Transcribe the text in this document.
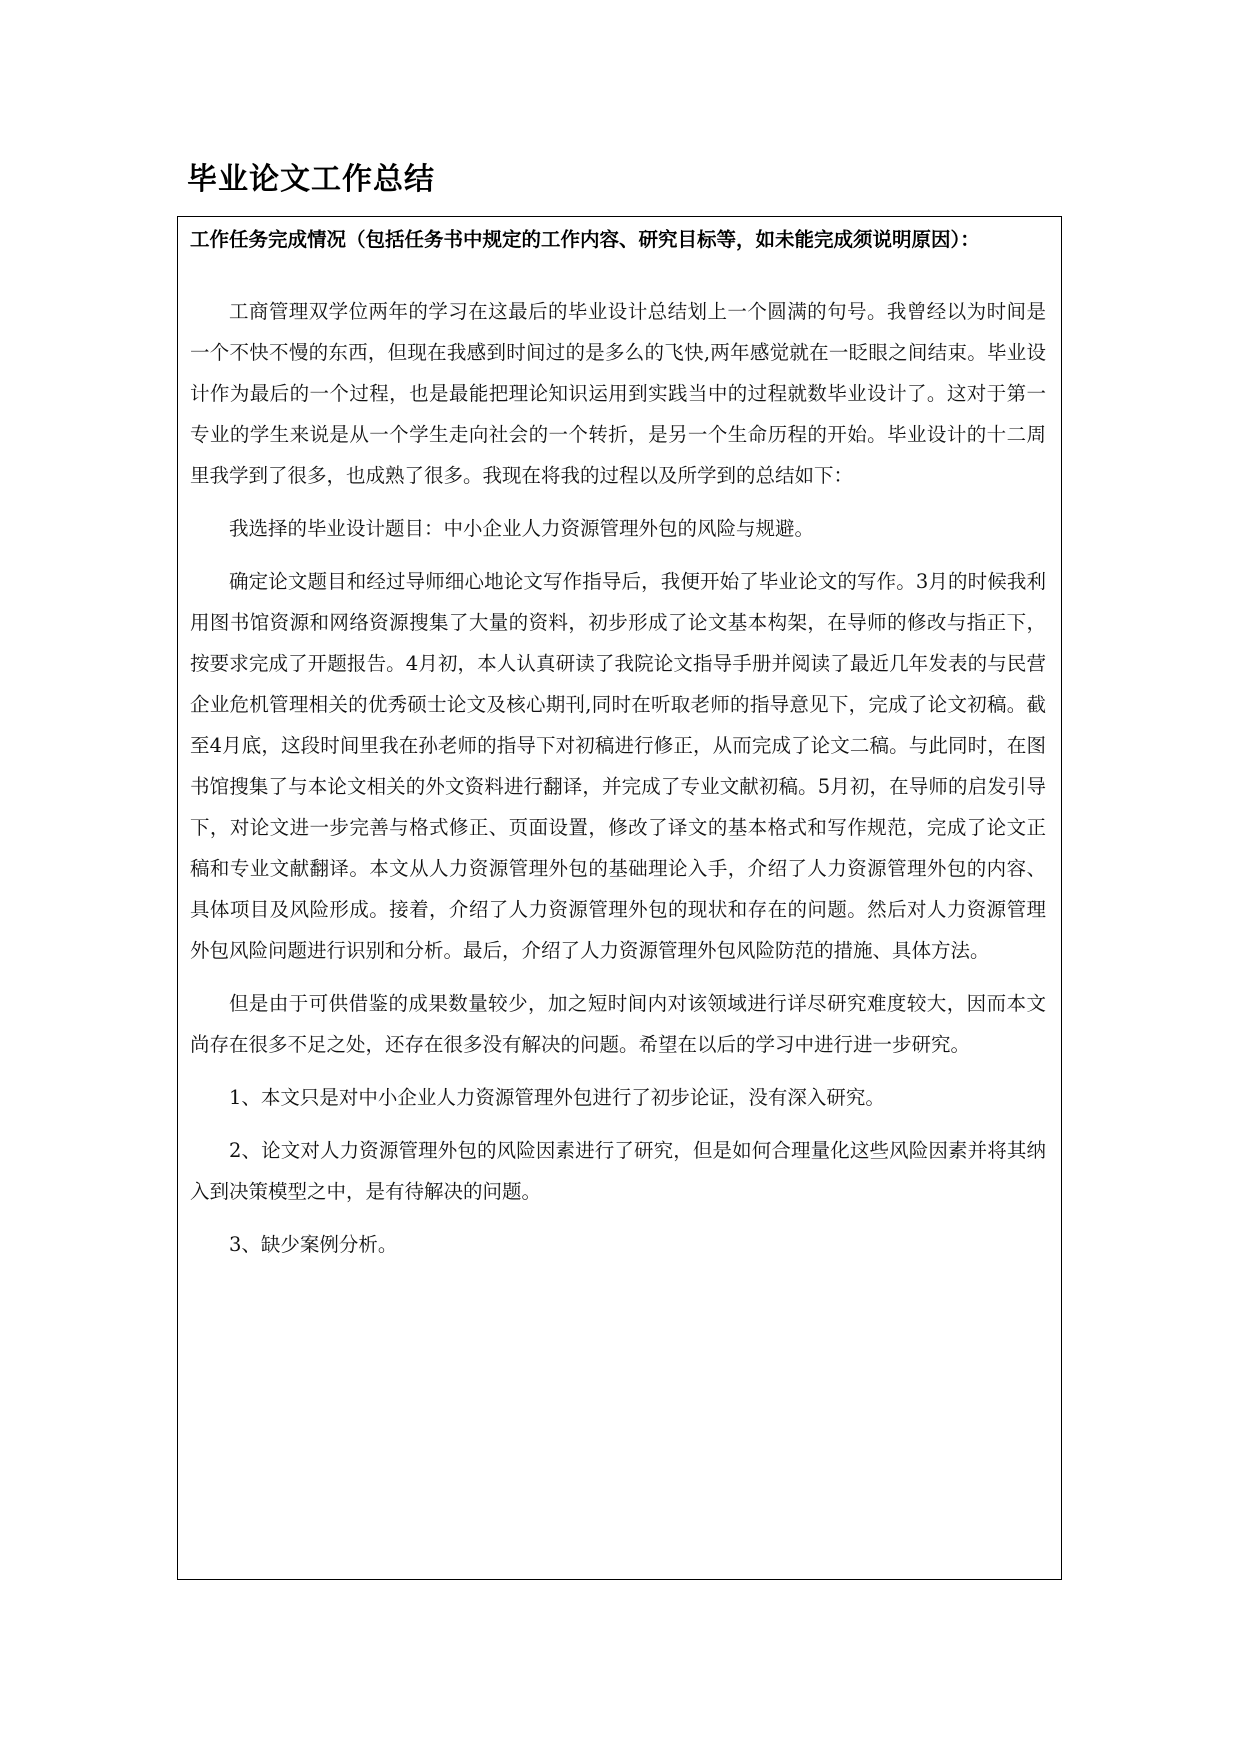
毕业论文工作总结

工作任务完成情况（包括任务书中规定的工作内容、研究目标等，如未能完成须说明原因）：

工商管理双学位两年的学习在这最后的毕业设计总结划上一个圆满的句号。我曾经以为时间是一个不快不慢的东西，但现在我感到时间过的是多么的飞快,两年感觉就在一眨眼之间结束。毕业设计作为最后的一个过程，也是最能把理论知识运用到实践当中的过程就数毕业设计了。这对于第一专业的学生来说是从一个学生走向社会的一个转折，是另一个生命历程的开始。毕业设计的十二周里我学到了很多，也成熟了很多。我现在将我的过程以及所学到的总结如下：

我选择的毕业设计题目：中小企业人力资源管理外包的风险与规避。

确定论文题目和经过导师细心地论文写作指导后，我便开始了毕业论文的写作。3月的时候我利用图书馆资源和网络资源搜集了大量的资料，初步形成了论文基本构架，在导师的修改与指正下，按要求完成了开题报告。4月初，本人认真研读了我院论文指导手册并阅读了最近几年发表的与民营企业危机管理相关的优秀硕士论文及核心期刊,同时在听取老师的指导意见下，完成了论文初稿。截至4月底，这段时间里我在孙老师的指导下对初稿进行修正，从而完成了论文二稿。与此同时，在图书馆搜集了与本论文相关的外文资料进行翻译，并完成了专业文献初稿。5月初，在导师的启发引导下，对论文进一步完善与格式修正、页面设置，修改了译文的基本格式和写作规范，完成了论文正稿和专业文献翻译。本文从人力资源管理外包的基础理论入手，介绍了人力资源管理外包的内容、具体项目及风险形成。接着，介绍了人力资源管理外包的现状和存在的问题。然后对人力资源管理外包风险问题进行识别和分析。最后，介绍了人力资源管理外包风险防范的措施、具体方法。

但是由于可供借鉴的成果数量较少，加之短时间内对该领域进行详尽研究难度较大，因而本文尚存在很多不足之处，还存在很多没有解决的问题。希望在以后的学习中进行进一步研究。

1、本文只是对中小企业人力资源管理外包进行了初步论证，没有深入研究。

2、论文对人力资源管理外包的风险因素进行了研究，但是如何合理量化这些风险因素并将其纳入到决策模型之中，是有待解决的问题。

3、缺少案例分析。
